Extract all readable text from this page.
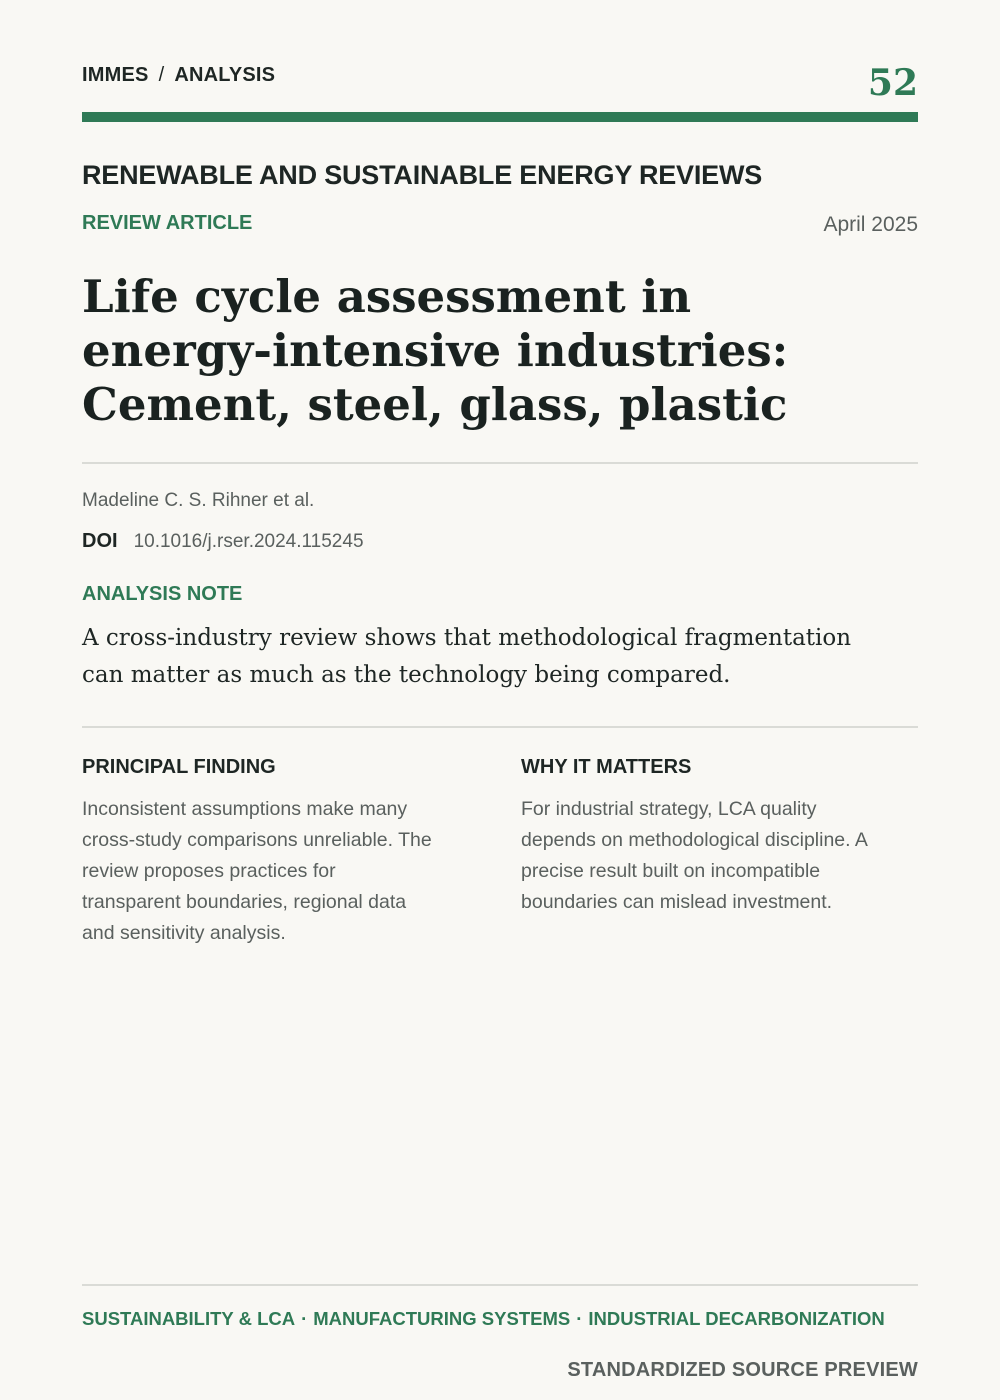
IMMES / ANALYSIS	52
RENEWABLE AND SUSTAINABLE ENERGY REVIEWS
REVIEW ARTICLE	April 2025
Life cycle assessment in
energy-intensive industries:
Cement, steel, glass, plastic
Madeline C. S. Rihner et al.
DOI 10.1016/j.rser.2024.115245
ANALYSIS NOTE
A cross-industry review shows that methodological fragmentation
can matter as much as the technology being compared.
PRINCIPAL FINDING
Inconsistent assumptions make many
cross-study comparisons unreliable. The
review proposes practices for
transparent boundaries, regional data
and sensitivity analysis.
WHY IT MATTERS
For industrial strategy, LCA quality
depends on methodological discipline. A
precise result built on incompatible
boundaries can mislead investment.
SUSTAINABILITY & LCA · MANUFACTURING SYSTEMS · INDUSTRIAL DECARBONIZATION
STANDARDIZED SOURCE PREVIEW
